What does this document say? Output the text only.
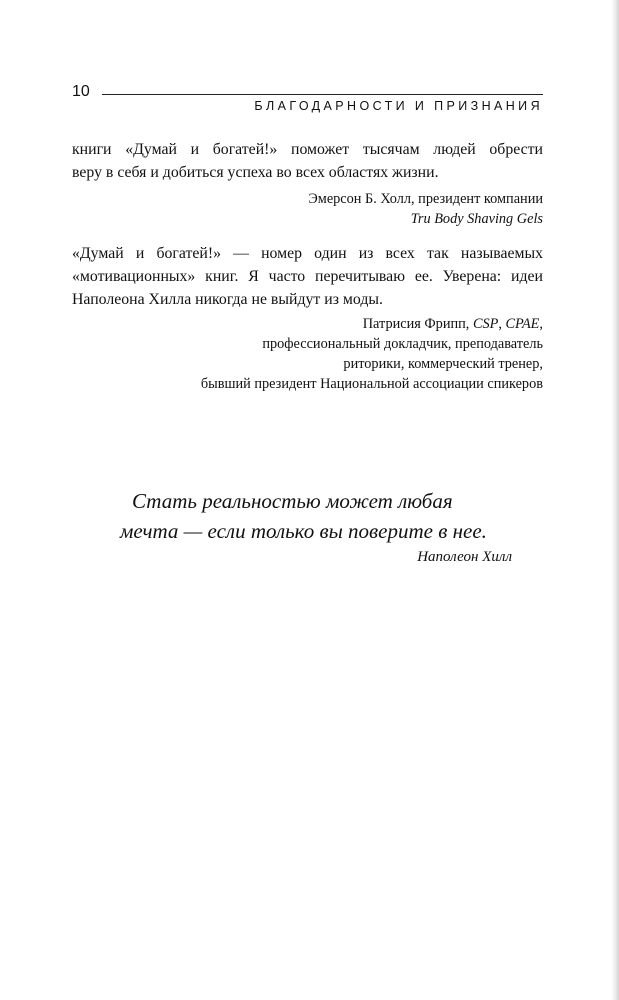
10
БЛАГОДАРНОСТИ И ПРИЗНАНИЯ

книги «Думай и богатей!» поможет тысячам людей обрести
веру в себя и добиться успеха во всех областях жизни.

Эмерсон Б. Холл, президент компании
Tru Body Shaving Gels

«Думай и богатей!» — номер один из всех так называемых
«мотивационных» книг. Я часто перечитываю ее. Уверена: идеи
Наполеона Хилла никогда не выйдут из моды.

Патрисия Фрипп, CSP, CPAE,
профессиональный докладчик, преподаватель
риторики, коммерческий тренер,
бывший президент Национальной ассоциации спикеров

Стать реальностью может любая
мечта — если только вы поверите в нее.
Наполеон Хилл
